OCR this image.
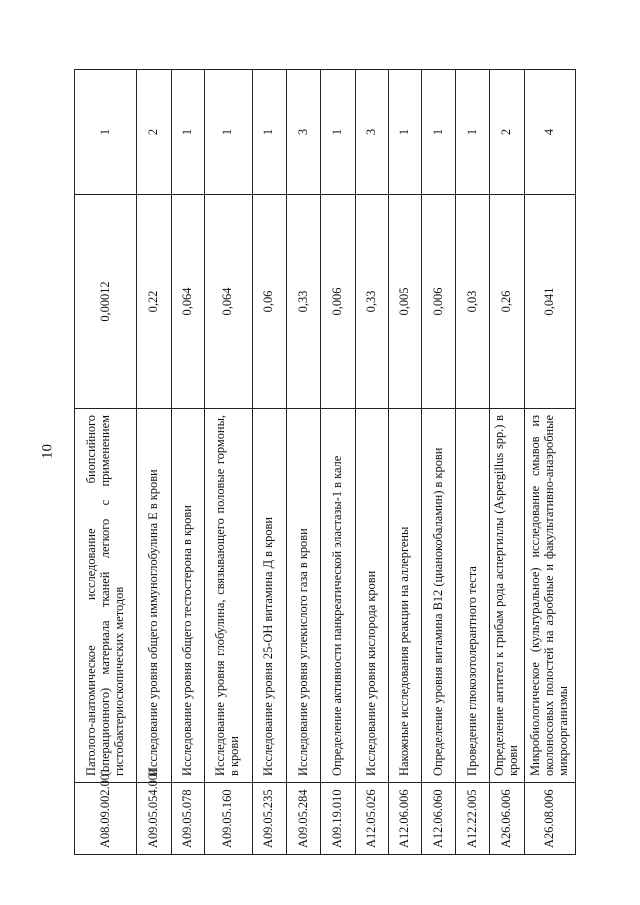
10
A08.09.002.001	Патолого-анатомическое исследование биопсийного (операционного) материала тканей легкого с применением гистобактериоскопических методов	0,00012	1
A09.05.054.001	Исследование уровня общего иммуноглобулина Е в крови	0,22	2
A09.05.078	Исследование уровня общего тестостерона в крови	0,064	1
A09.05.160	Исследование уровня глобулина, связывающего половые гормоны, в крови	0,064	1
A09.05.235	Исследование уровня 25-ОН витамина Д в крови	0,06	1
A09.05.284	Исследование уровня углекислого газа в крови	0,33	3
A09.19.010	Определение активности панкреатической эластазы-1 в кале	0,006	1
A12.05.026	Исследование уровня кислорода крови	0,33	3
A12.06.006	Накожные исследования реакции на аллергены	0,005	1
A12.06.060	Определение уровня витамина В12 (цианокобаламин) в крови	0,006	1
A12.22.005	Проведение глюкозотолерантного теста	0,03	1
A26.06.006	Определение антител к грибам рода аспергиллы (Aspergillus spp.) в крови	0,26	2
A26.08.006	Микробиологическое (культуральное) исследование смывов из околоносовых полостей на аэробные и факультативно-анаэробные микроорганизмы	0,041	4
